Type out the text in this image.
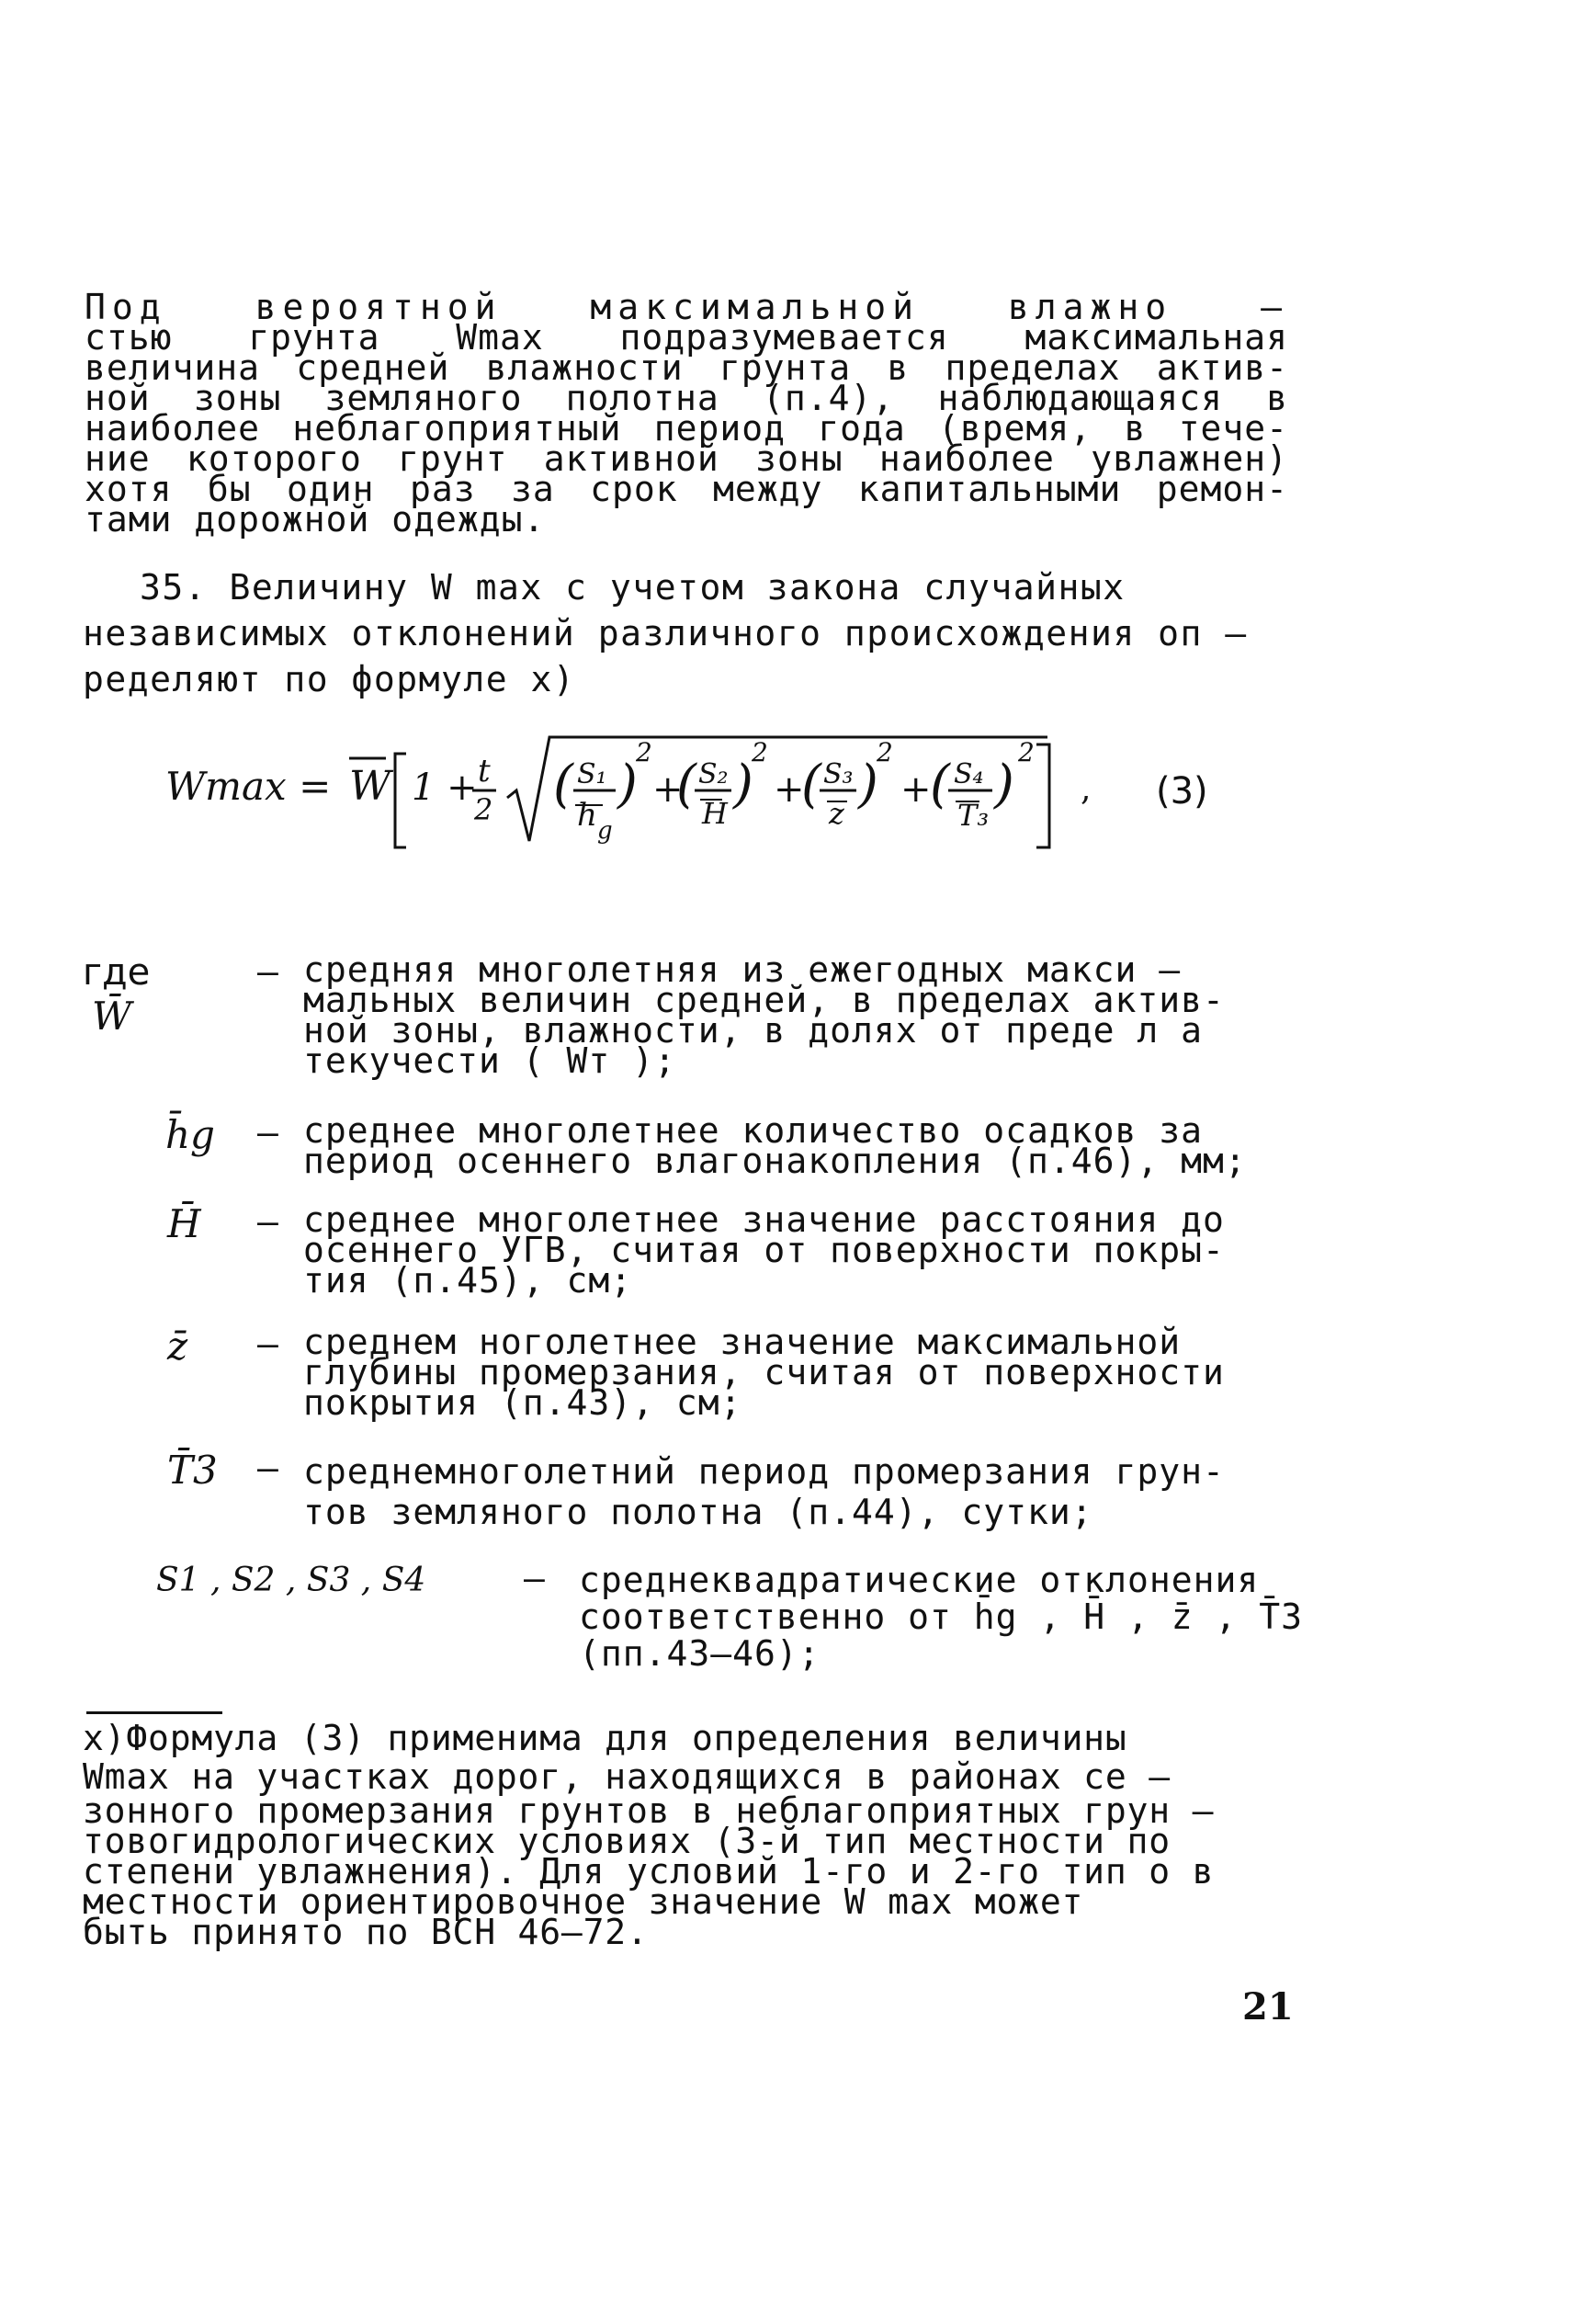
Под вероятной максимальной влажно –
стью грунта Wmax подразумевается максимальная
величина средней влажности грунта в пределах актив-
ной зоны земляного полотна (п.4), наблюдающаяся в
наиболее неблагоприятный период года (время, в тече-
ние которого грунт активной зоны наиболее увлажнен)
хотя бы один раз за срок между капитальными ремон-
тами дорожной одежды.
35. Величину W max с учетом закона случайных
независимых отклонений различного происхождения оп –
ределяют по формуле x)
Wmax = W 1 + t
2 ( S₁
h g
)
2
+
( S₂
H )
2
+
( S₃
z )
2
+
( S₄
T₃
)
2
, (3)
где W̄
– средняя многолетняя из ежегодных макси –
мальных величин средней, в пределах актив-
ной зоны, влажности, в долях от преде л а
текучести ( Wт );
h̄g	– среднее многолетнее количество осадков за
период осеннего влагонакопления (п.46), мм;
H̄	– среднее многолетнее значение расстояния до
осеннего УГВ, считая от поверхности покры-
тия (п.45), см;
z̄	– среднем ноголетнее значение максимальной
глубины промерзания, считая от поверхности
покрытия (п.43), см;
T̄3	– среднемноголетний период промерзания грун-
тов земляного полотна (п.44), сутки;
S1 , S2 , S3 , S4	– среднеквадратические отклонения
соответственно от h̄g , H̄ , z̄ , T̄3
(пп.43–46);
x)Формула (3) применима для определения величины
Wmax на участках дорог, находящихся в районах се –
зонного промерзания грунтов в неблагоприятных грун –
товогидрологических условиях (3-й тип местности по
степени увлажнения). Для условий 1-го и 2-го тип о в
местности ориентировочное значение W max может
быть принято по ВСН 46–72.
21
